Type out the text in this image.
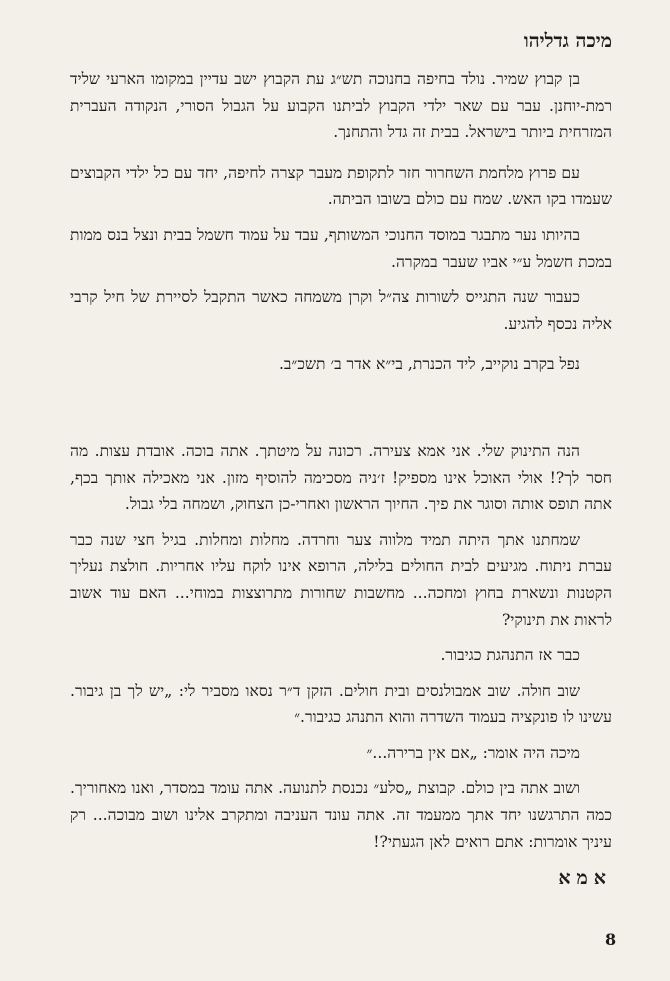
מיכה גדליהו

בן קבוץ שמיר. נולד בחיפה בחנוכה תש״ג עת הקבוץ ישב עדיין במקומו הארעי שליד רמת-יוחנן. עבר עם שאר ילדי הקבוץ לביתנו הקבוע על הגבול הסורי, הנקודה העברית המזרחית ביותר בישראל. בבית זה גדל והתחנך.

עם פרוץ מלחמת השחרור חזר לתקופת מעבר קצרה לחיפה, יחד עם כל ילדי הקבוצים שעמדו בקו האש. שמח עם כולם בשובו הביתה.

בהיותו נער מתבגר במוסד החנוכי המשותף, עבד על עמוד חשמל בבית ונצל בנס ממות במכת חשמל ע״י אביו שעבר במקרה.

כעבור שנה התגייס לשורות צה״ל וקרן משמחה כאשר התקבל לסיירת של חיל קרבי אליה נכסף להגיע.

נפל בקרב נוקייב, ליד הכנרת, בי״א אדר ב׳ תשכ״ב.

הנה התינוק שלי. אני אמא צעירה. רכונה על מיטתך. אתה בוכה. אובדת עצות. מה חסר לך?! אולי האוכל אינו מספיק! ז׳ניה מסכימה להוסיף מזון. אני מאכילה אותך בכף, אתה תופס אותה וסוגר את פיך. החיוך הראשון ואחרי-כן הצחוק, ושמחה בלי גבול.

שמחתנו אתך היתה תמיד מלווה צער וחרדה. מחלות ומחלות. בגיל חצי שנה כבר עברת ניתוח. מגיעים לבית החולים בלילה, הרופא אינו לוקח עליו אחריות. חולצת נעליך הקטנות ונשארת בחוץ ומחכה... מחשבות שחורות מתרוצצות במוחי... האם עוד אשוב לראות את תינוקי?

כבר אז התנהגת כגיבור.

שוב חולה. שוב אמבולנסים ובית חולים. הזקן ד״ר נסאו מסביר לי: „יש לך בן גיבור. עשינו לו פונקציה בעמוד השדרה והוא התנהג כגיבור.״

מיכה היה אומר: „אם אין ברירה...״

ושוב אתה בין כולם. קבוצת „סלע״ נכנסת לתנועה. אתה עומד במסדר, ואנו מאחוריך. כמה התרגשנו יחד אתך ממעמד זה. אתה עונד העניבה ומתקרב אלינו ושוב מבוכה... רק עיניך אומרות: אתם רואים לאן הגעתי?!

אמא
8
